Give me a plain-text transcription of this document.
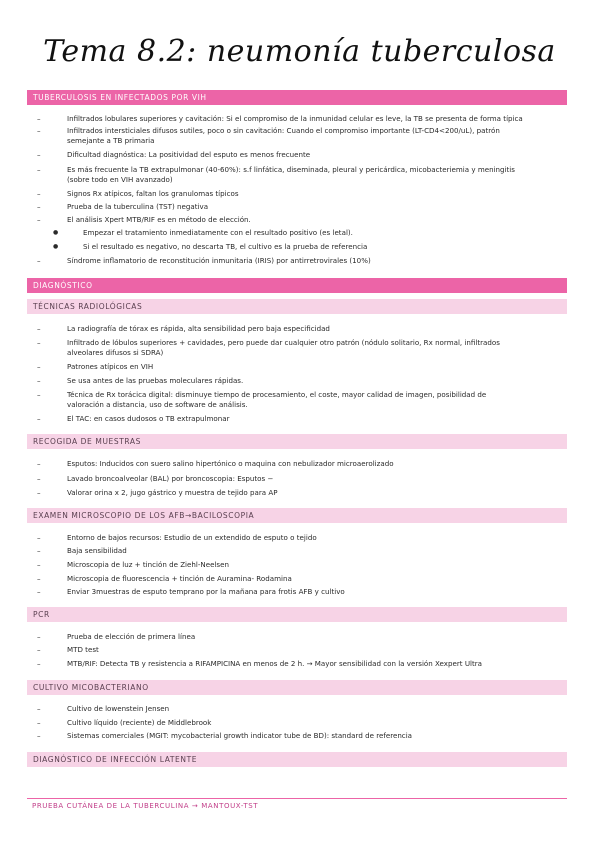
Tema 8.2: neumonía tuberculosa
TUBERCULOSIS EN INFECTADOS POR VIH
–	Infiltrados lobulares superiores y cavitación: Si el compromiso de la inmunidad celular es leve, la TB se presenta de forma típica
–	Infiltrados intersticiales difusos sutiles, poco o sin cavitación: Cuando el compromiso importante (LT-CD4<200/uL), patrón
semejante a TB primaria
–	Dificultad diagnóstica: La positividad del esputo es menos frecuente
–	Es más frecuente la TB extrapulmonar (40-60%): s.f linfática, diseminada, pleural y pericárdica, micobacteriemia y meningitis
(sobre todo en VIH avanzado)
–	Signos Rx atípicos, faltan los granulomas típicos
–	Prueba de la tuberculina (TST) negativa
–	El análisis Xpert MTB/RIF es en método de elección.
●	Empezar el tratamiento inmediatamente con el resultado positivo (es letal).
●	Si el resultado es negativo, no descarta TB, el cultivo es la prueba de referencia
–	Síndrome inflamatorio de reconstitución inmunitaria (IRIS) por antirretrovirales (10%)
DIAGNÓSTICO
TÉCNICAS RADIOLÓGICAS
–	La radiografía de tórax es rápida, alta sensibilidad pero baja especificidad
–	Infiltrado de lóbulos superiores + cavidades, pero puede dar cualquier otro patrón (nódulo solitario, Rx normal, infiltrados
alveolares difusos si SDRA)
–	Patrones atípicos en VIH
–	Se usa antes de las pruebas moleculares rápidas.
–	Técnica de Rx torácica digital: disminuye tiempo de procesamiento, el coste, mayor calidad de imagen, posibilidad de
valoración a distancia, uso de software de análisis.
–	El TAC: en casos dudosos o TB extrapulmonar
RECOGIDA DE MUESTRAS
–	Esputos: Inducidos con suero salino hipertónico o maquina con nebulizador microaerolizado
–	Lavado broncoalveolar (BAL) por broncoscopia: Esputos −
–	Valorar orina x 2, jugo gástrico y muestra de tejido para AP
EXAMEN MICROSCOPIO DE LOS AFB→BACILOSCOPIA
–	Entorno de bajos recursos: Estudio de un extendido de esputo o tejido
–	Baja sensibilidad
–	Microscopia de luz + tinción de Ziehl-Neelsen
–	Microscopia de fluorescencia + tinción de Auramina- Rodamina
–	Enviar 3muestras de esputo temprano por la mañana para frotis AFB y cultivo
PCR
–	Prueba de elección de primera línea
–	MTD test
–	MTB/RIF: Detecta TB y resistencia a RIFAMPICINA en menos de 2 h. → Mayor sensibilidad con la versión Xexpert Ultra
CULTIVO MICOBACTERIANO
–	Cultivo de lowenstein Jensen
–	Cultivo líquido (reciente) de Middlebrook
–	Sistemas comerciales (MGIT: mycobacterial growth indicator tube de BD): standard de referencia
DIAGNÓSTICO DE INFECCIÓN LATENTE
PRUEBA CUTÁNEA DE LA TUBERCULINA → MANTOUX-TST
